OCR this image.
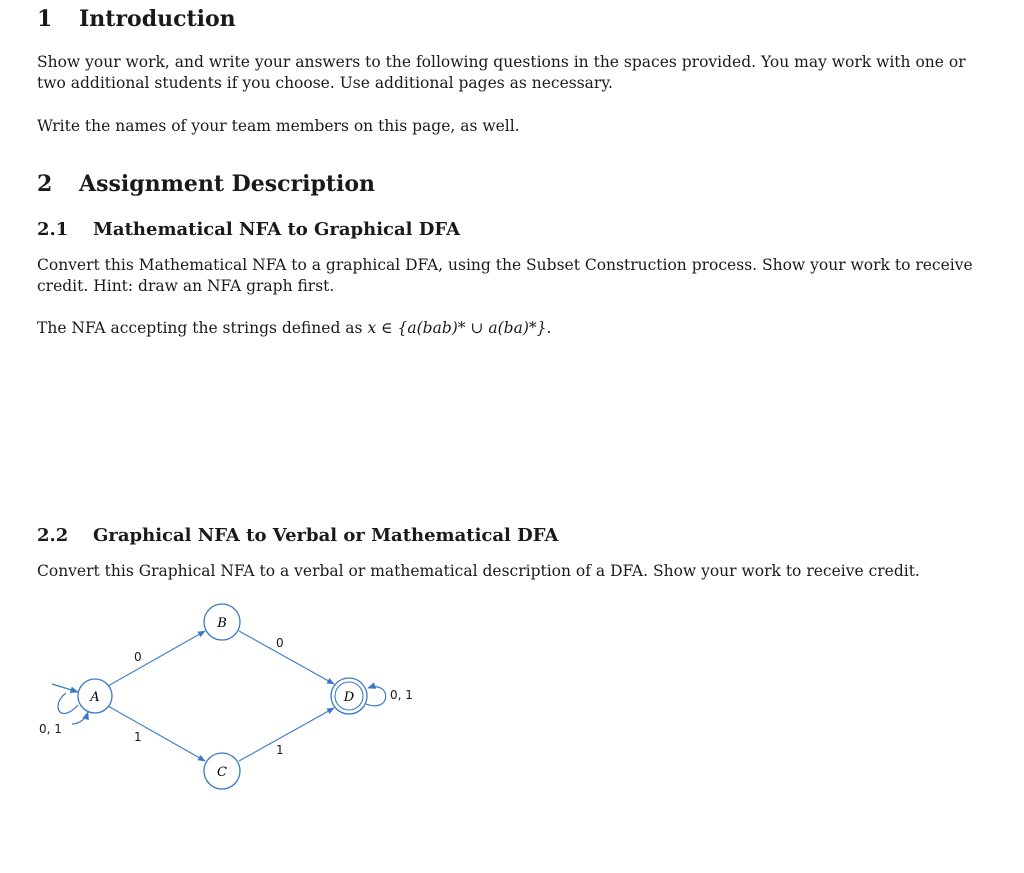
1 Introduction
Show your work, and write your answers to the following questions in the spaces provided. You may work with one or two additional students if you choose. Use additional pages as necessary.
Write the names of your team members on this page, as well.
2 Assignment Description
2.1 Mathematical NFA to Graphical DFA
Convert this Mathematical NFA to a graphical DFA, using the Subset Construction process. Show your work to receive credit. Hint: draw an NFA graph first.
The NFA accepting the strings defined as x ∈ {a(bab)* ∪ a(ba)*}.
2.2 Graphical NFA to Verbal or Mathematical DFA
Convert this Graphical NFA to a verbal or mathematical description of a DFA. Show your work to receive credit.
A
B
C
D
0, 1
0
1
0
1
0, 1
